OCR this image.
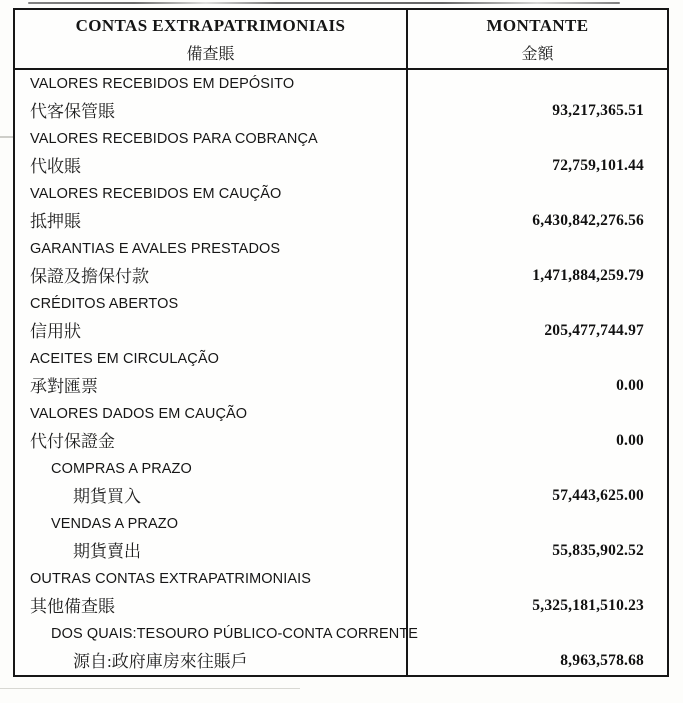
CONTAS EXTRAPATRIMONIAIS
備查賬
MONTANTE
金額
VALORES RECEBIDOS EM DEPÓSITO
代客保管賬	93,217,365.51
VALORES RECEBIDOS PARA COBRANÇA
代收賬	72,759,101.44
VALORES RECEBIDOS EM CAUÇÃO
抵押賬	6,430,842,276.56
GARANTIAS E AVALES PRESTADOS
保證及擔保付款	1,471,884,259.79
CRÉDITOS ABERTOS
信用狀	205,477,744.97
ACEITES EM CIRCULAÇÃO
承對匯票	0.00
VALORES DADOS EM CAUÇÃO
代付保證金	0.00
COMPRAS A PRAZO
期貨買入	57,443,625.00
VENDAS A PRAZO
期貨賣出	55,835,902.52
OUTRAS CONTAS EXTRAPATRIMONIAIS
其他備查賬	5,325,181,510.23
DOS QUAIS:TESOURO PÚBLICO-CONTA CORRENTE
源自:政府庫房來往賬戶	8,963,578.68
